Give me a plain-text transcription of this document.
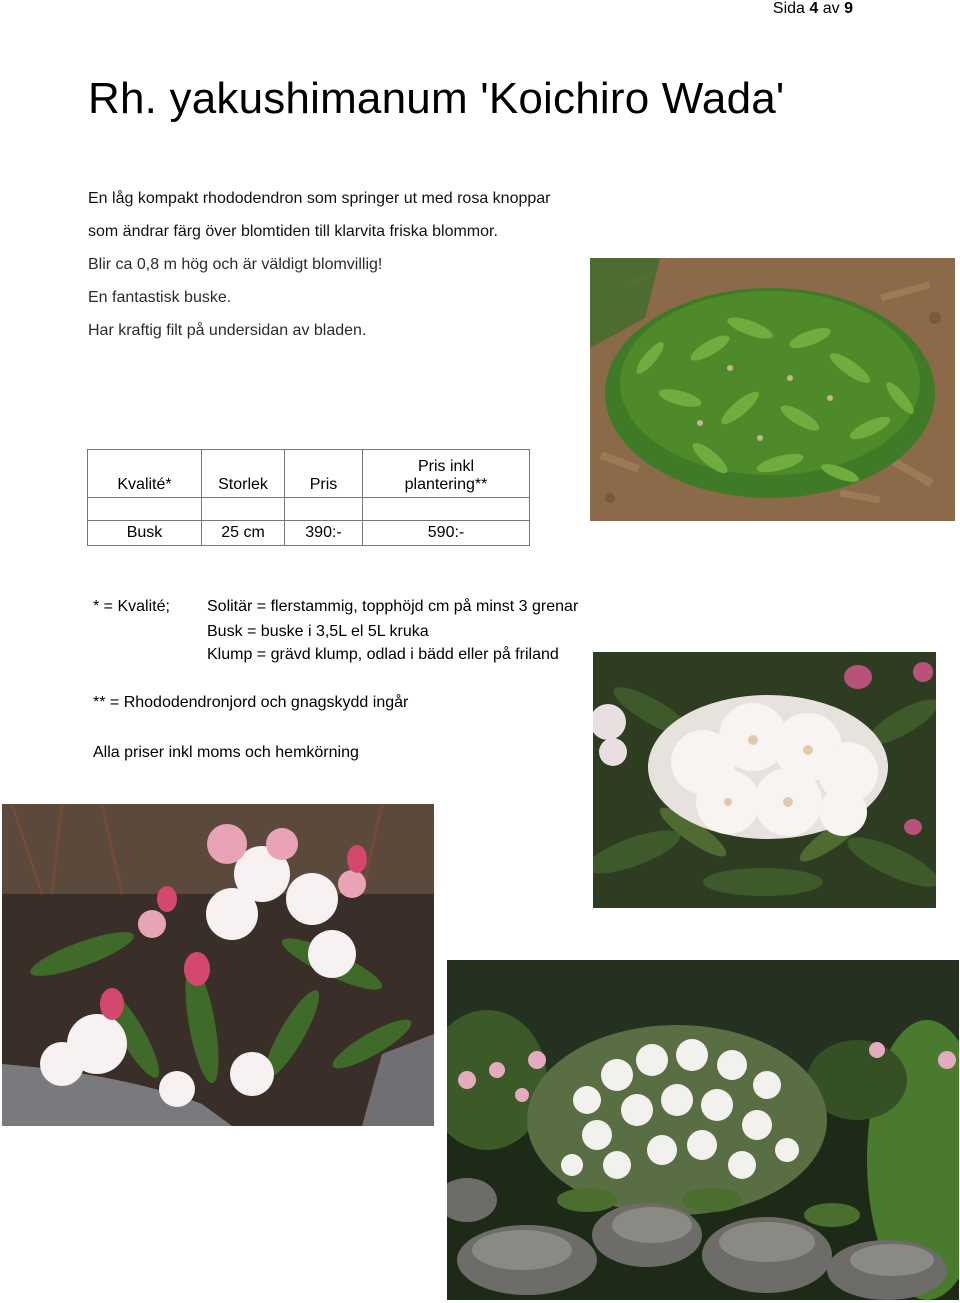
Sida 4 av 9
Rh. yakushimanum 'Koichiro Wada'

En låg kompakt rhododendron som springer ut med rosa knoppar

som ändrar färg över blomtiden till klarvita friska blommor.

Blir ca 0,8 m hög och är väldigt blomvillig!

En fantastisk buske.

Har kraftig filt på undersidan av bladen.

Kvalité*	Storlek	Pris	Pris inkl
plantering**

Busk	25 cm	390:-	590:-

* = Kvalité; Solitär = flerstammig, topphöjd cm på minst 3 grenar

Busk = buske i 3,5L el 5L kruka

Klump = grävd klump, odlad i bädd eller på friland

** = Rhododendronjord och gnagskydd ingår

Alla priser inkl moms och hemkörning
